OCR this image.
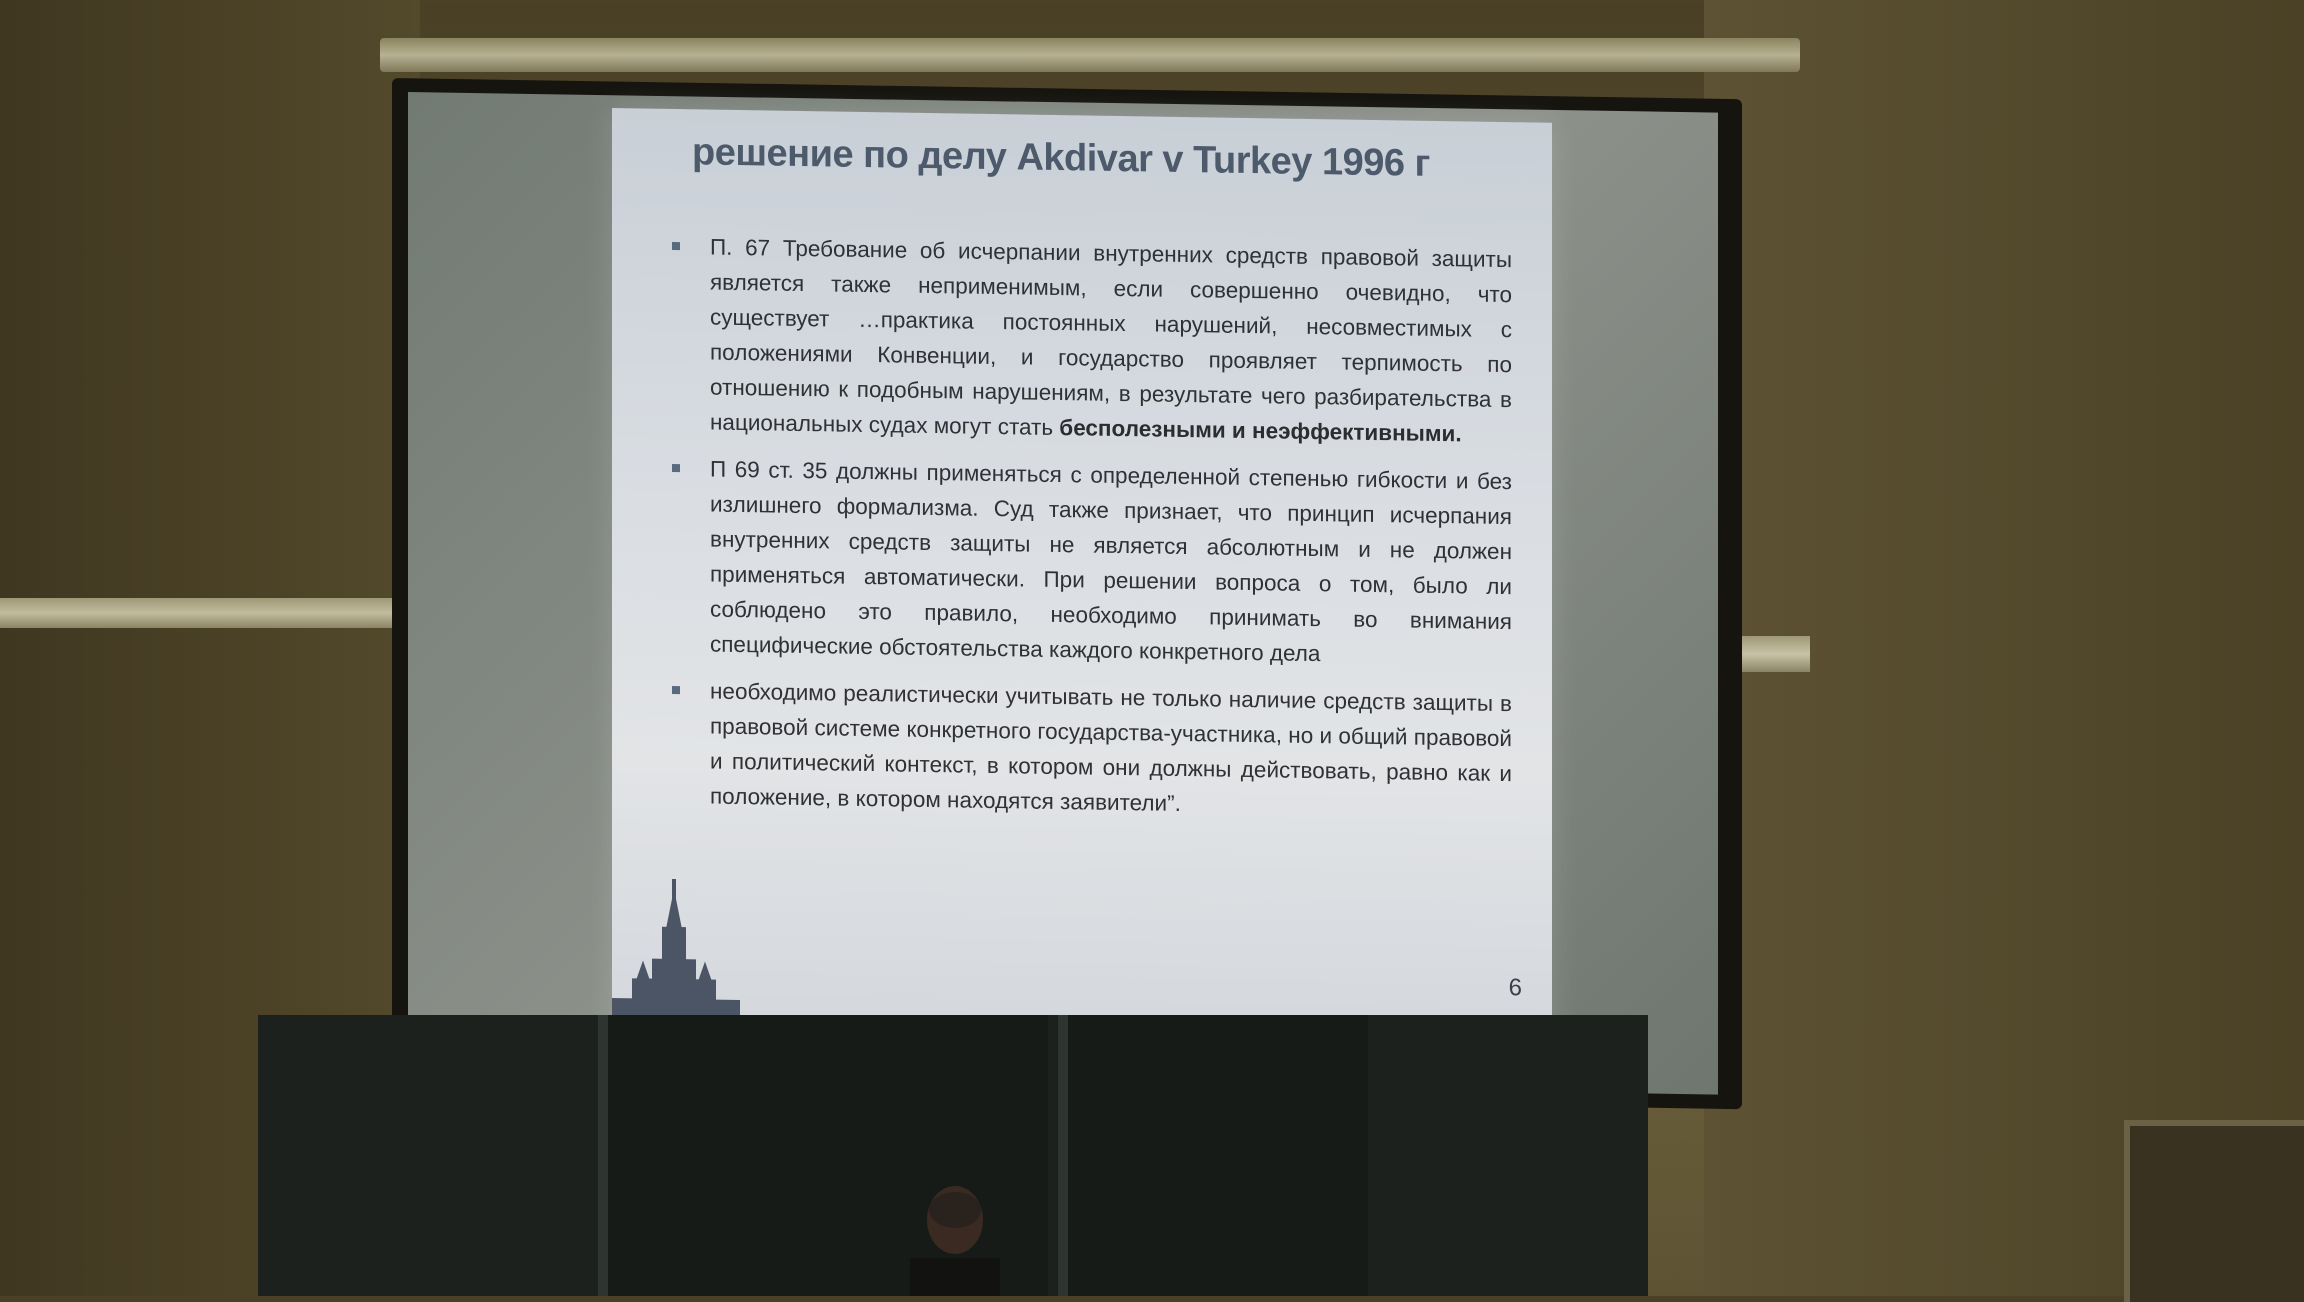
решение по делу Akdivar v Turkey 1996 г
П. 67 Требование об исчерпании внутренних средств правовой защиты является также неприменимым, если совершенно очевидно, что существует …практика постоянных нарушений, несовместимых с положениями Конвенции, и государство проявляет терпимость по отношению к подобным нарушениям, в результате чего разбирательства в национальных судах могут стать бесполезными и неэффективными.
П 69 ст. 35 должны применяться с определенной степенью гибкости и без излишнего формализма. Суд также признает, что принцип исчерпания внутренних средств защиты не является абсолютным и не должен применяться автоматически. При решении вопроса о том, было ли соблюдено это правило, необходимо принимать во внимания специфические обстоятельства каждого конкретного дела
необходимо реалистически учитывать не только наличие средств защиты в правовой системе конкретного государства-участника, но и общий правовой и политический контекст, в котором они должны действовать, равно как и положение, в котором находятся заявители”.
6
